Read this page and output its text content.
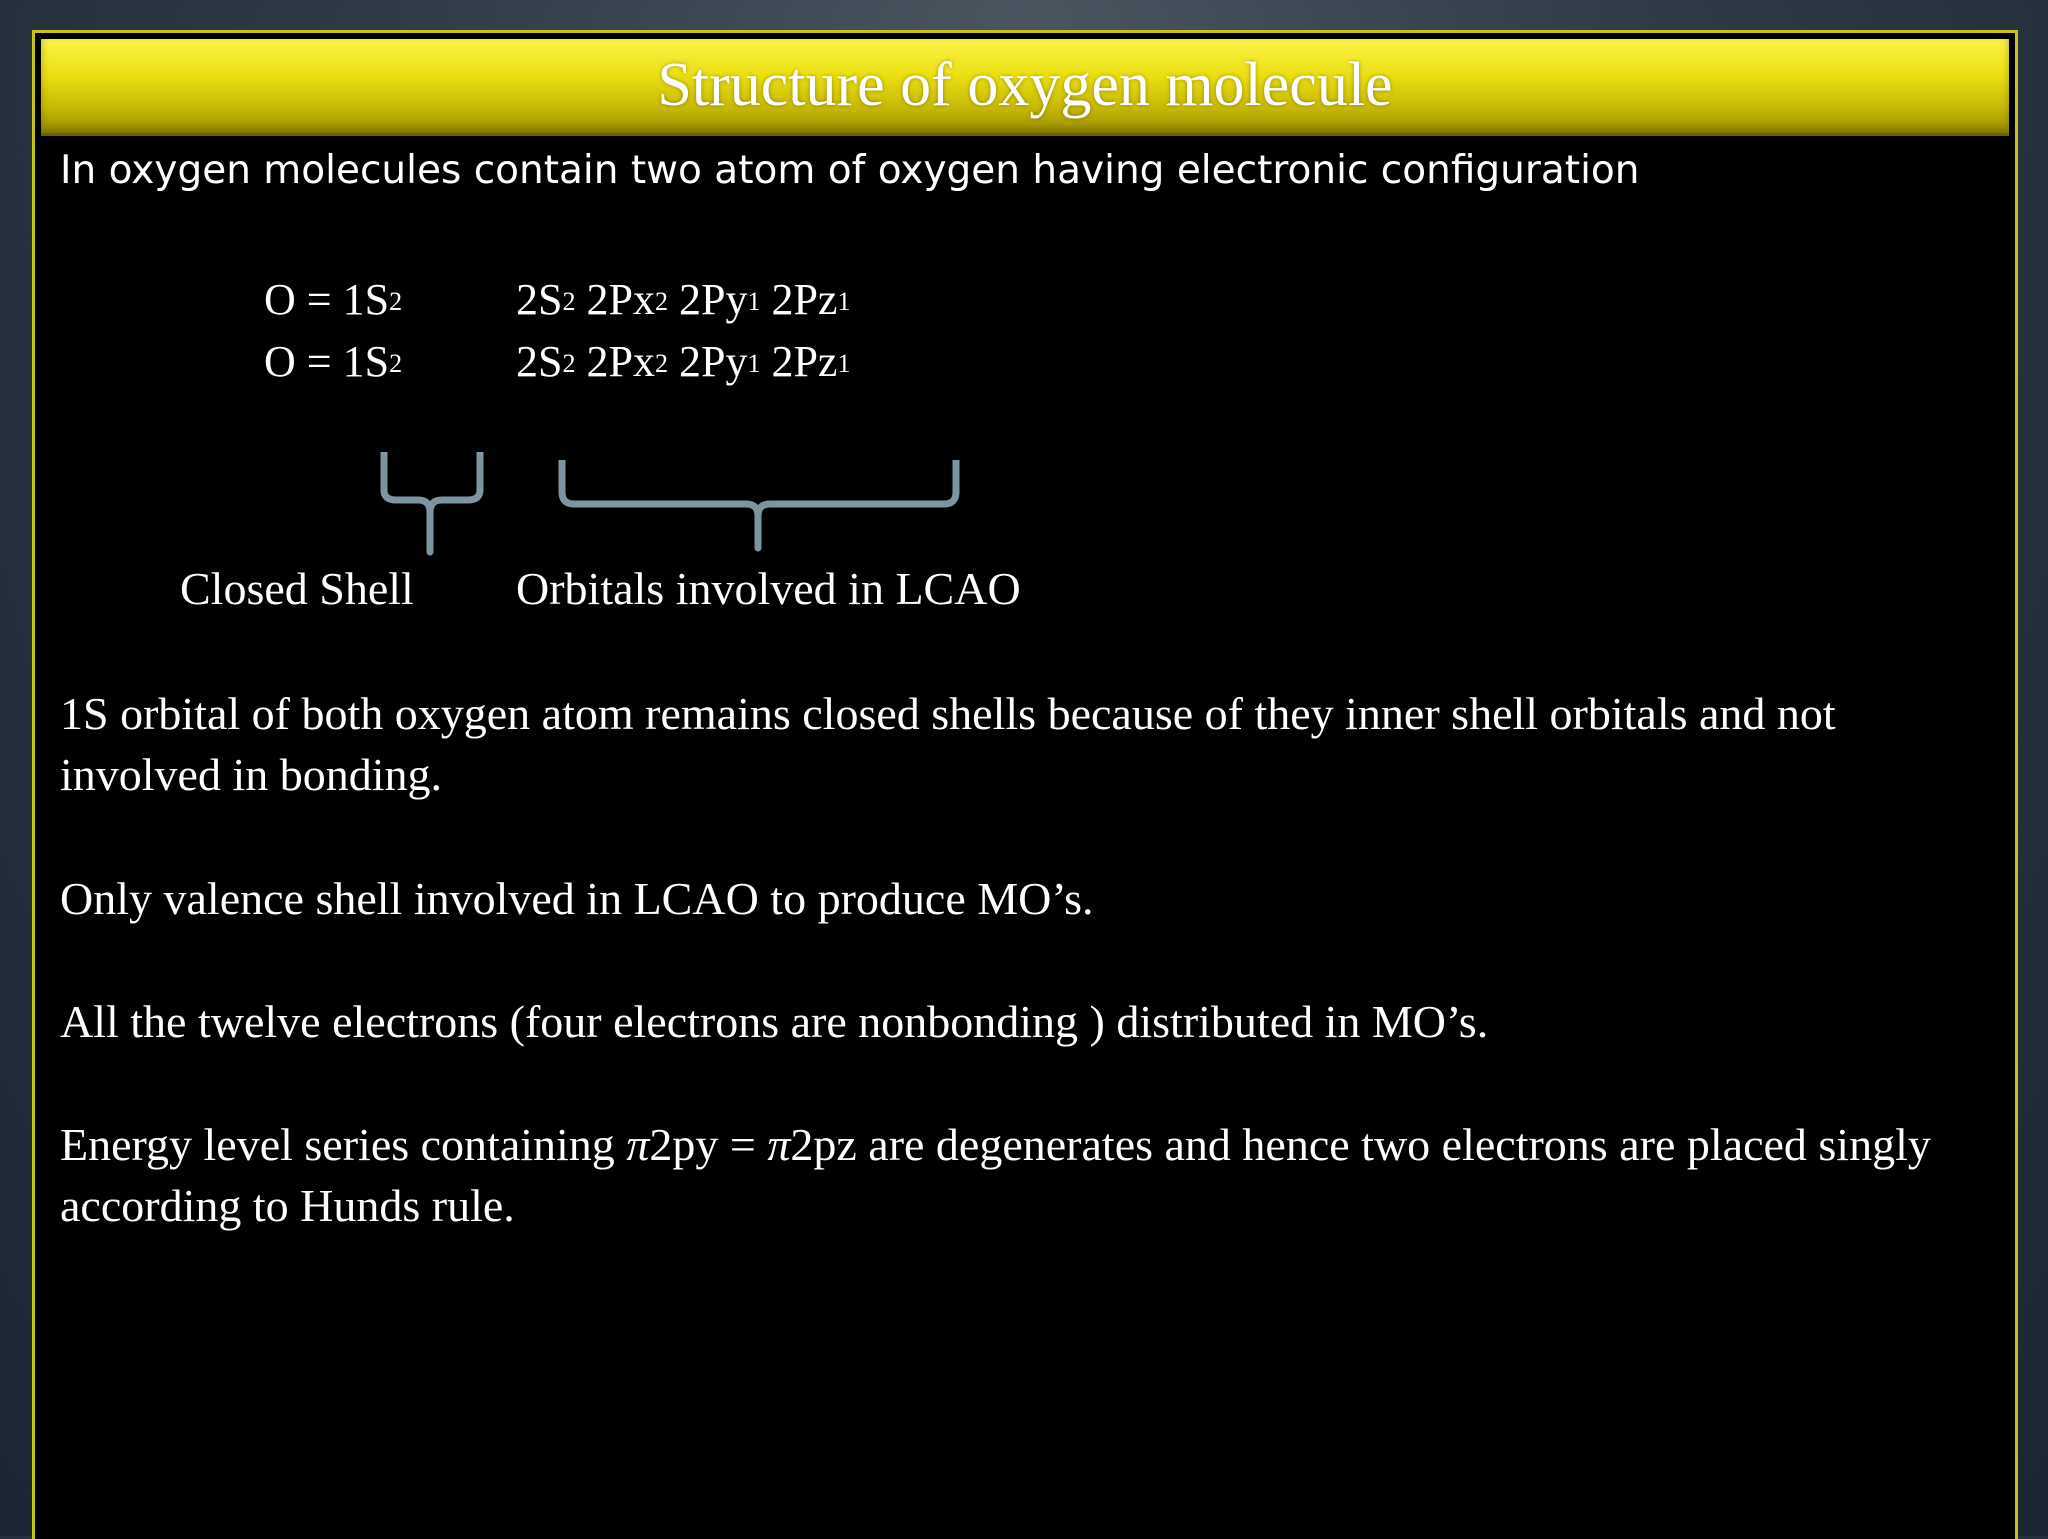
Structure of oxygen molecule
In oxygen molecules contain two atom of oxygen having electronic configuration
$O = 1S^2$	$2S^2$ 2Px$^2$ 2Py$^1$ 2Pz$^1$
$O = 1S^2$	$2S^2$ 2Px$^2$ 2Py$^1$ 2Pz$^1$
Closed Shell Orbitals involved in LCAO
1S orbital of both oxygen atom remains closed shells because of they inner shell orbitals and not involved in bonding.
Only valence shell involved in LCAO to produce MO’s.
All the twelve electrons (four electrons are nonbonding ) distributed in MO’s.
Energy level series containing π2py = π2pz are degenerates and hence two electrons are placed singly according to Hunds rule.
